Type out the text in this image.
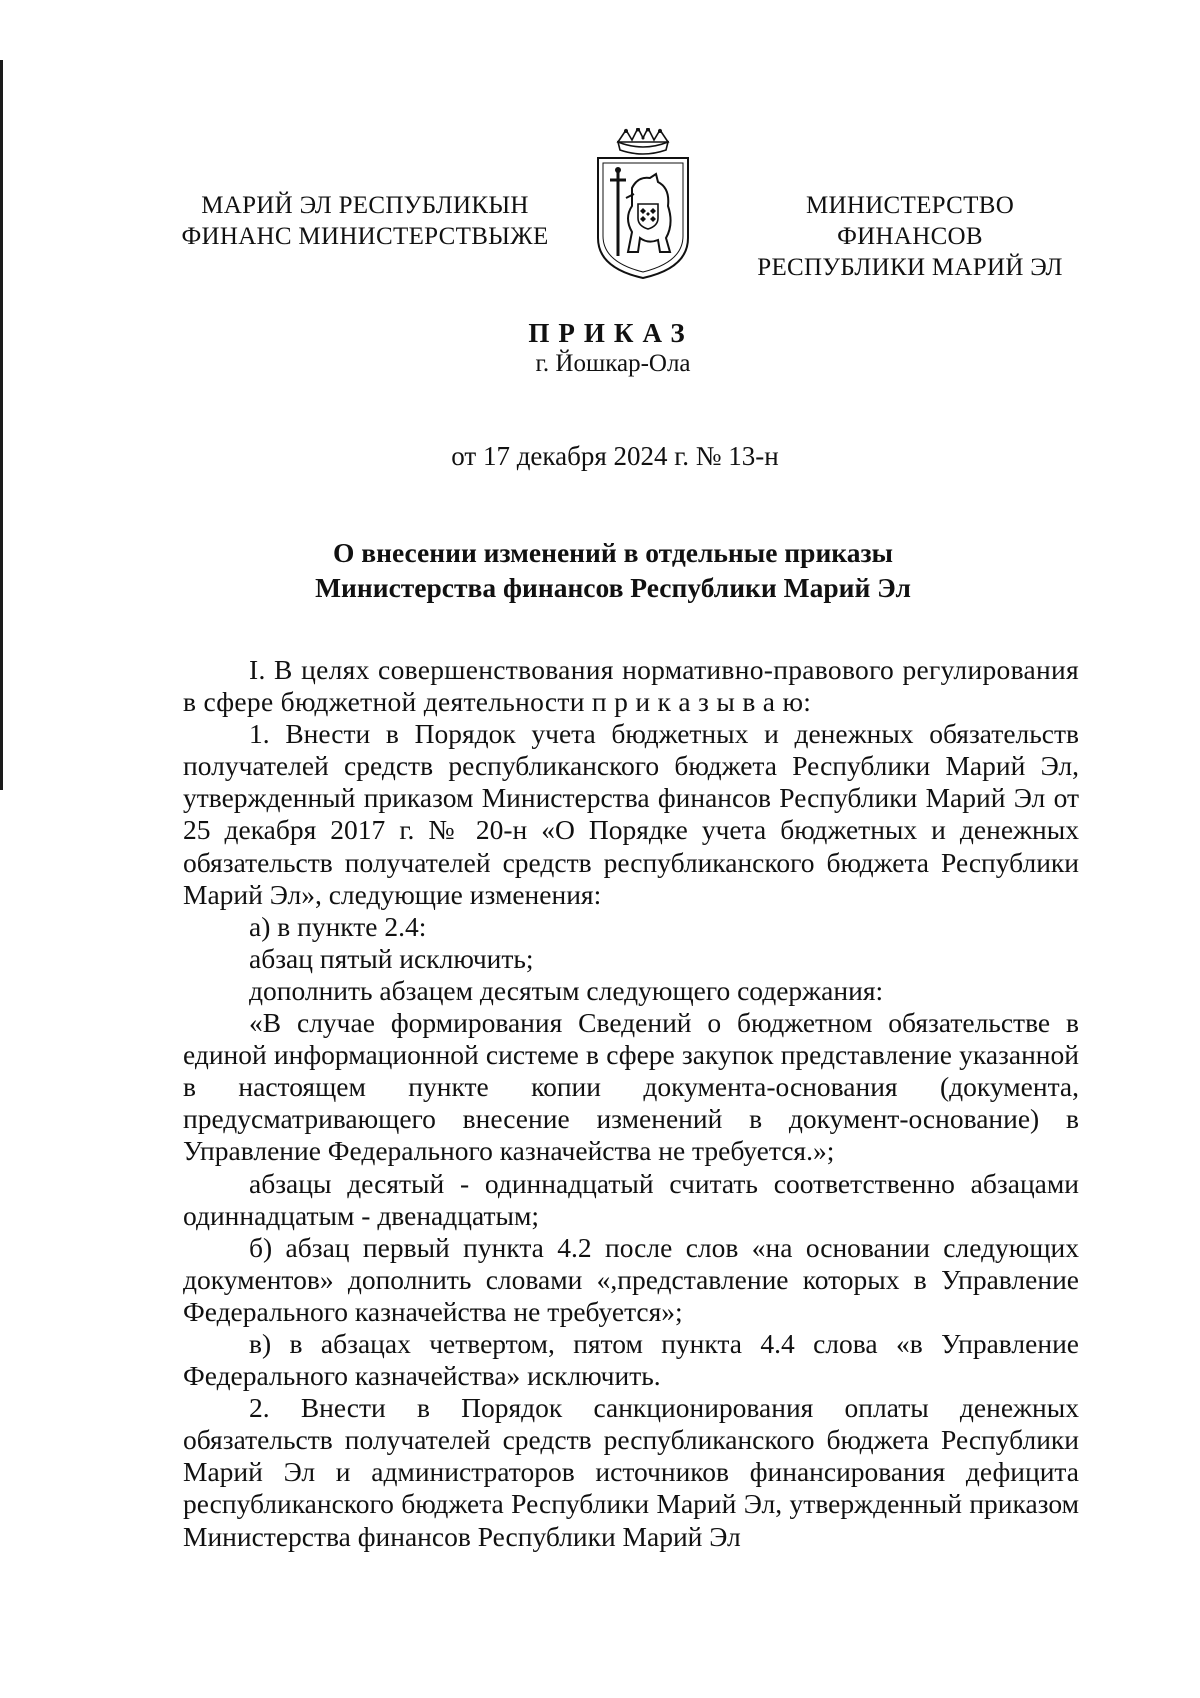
МАРИЙ ЭЛ РЕСПУБЛИКЫН
ФИНАНС МИНИСТЕРСТВЫЖЕ
МИНИСТЕРСТВО ФИНАНСОВ
РЕСПУБЛИКИ МАРИЙ ЭЛ
ПРИКАЗ
г. Йошкар-Ола
от 17 декабря 2024 г. № 13-н
О внесении изменений в отдельные приказы
Министерства финансов Республики Марий Эл

I. В целях совершенствования нормативно-правового регулирования в сфере бюджетной деятельности п р и к а з ы в а ю:

1. Внести в Порядок учета бюджетных и денежных обязательств получателей средств республиканского бюджета Республики Марий Эл, утвержденный приказом Министерства финансов Республики Марий Эл от 25 декабря 2017 г. № 20-н «О Порядке учета бюджетных и денежных обязательств получателей средств республиканского бюджета Республики Марий Эл», следующие изменения:

а) в пункте 2.4:

абзац пятый исключить;

дополнить абзацем десятым следующего содержания:

«В случае формирования Сведений о бюджетном обязательстве в единой информационной системе в сфере закупок представление указанной в настоящем пункте копии документа-основания (документа, предусматривающего внесение изменений в документ-основание) в Управление Федерального казначейства не требуется.»;

абзацы десятый - одиннадцатый считать соответственно абзацами одиннадцатым - двенадцатым;

б) абзац первый пункта 4.2 после слов «на основании следующих документов» дополнить словами «,представление которых в Управление Федерального казначейства не требуется»;

в) в абзацах четвертом, пятом пункта 4.4 слова «в Управление Федерального казначейства» исключить.

2. Внести в Порядок санкционирования оплаты денежных обязательств получателей средств республиканского бюджета Республики Марий Эл и администраторов источников финансирования дефицита республиканского бюджета Республики Марий Эл, утвержденный приказом Министерства финансов Республики Марий Эл
